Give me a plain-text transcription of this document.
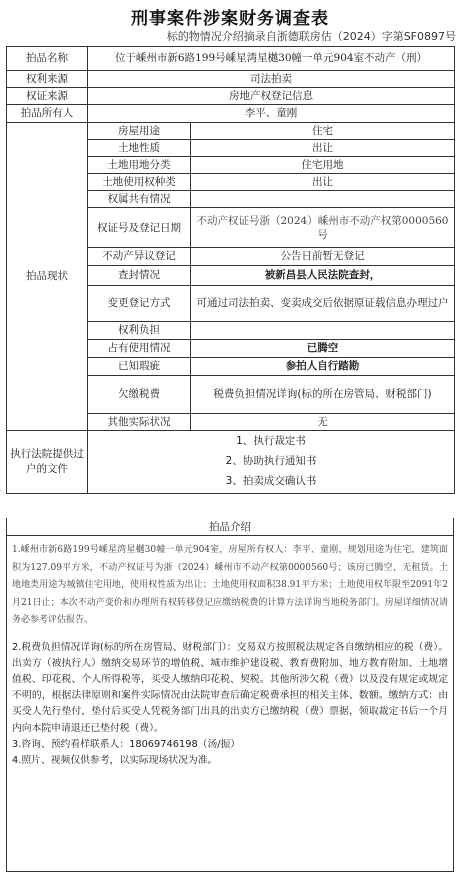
刑事案件涉案财务调查表
标的物情况介绍摘录自浙德联房估（2024）字第SF0897号
拍品名称	位于嵊州市新6路199号嵊星湾星樾30幢一单元904室不动产（刑）	
权利来源	司法拍卖	
权证来源	房地产权登记信息	
拍品所有人	李平、童刚	
拍品现状	房屋用途	住宅
	土地性质	出让
	土地用地分类	住宅用地
	土地使用权种类	出让
	权属共有情况	
	权证号及登记日期	不动产权证号浙（2024）嵊州市不动产权第0000560号
	不动产异议登记	公告日前暂无登记
	查封情况	被新昌县人民法院查封，
	变更登记方式	可通过司法拍卖、变卖成交后依据原证载信息办理过户
	权利负担	
	占有使用情况	已腾空
	已知瑕疵	参拍人自行踏勘
	欠缴税费	税费负担情况详询(标的所在房管局、财税部门)
	其他实际状况	无
执行法院提供过户的文件	1、执行裁定书
2、协助执行通知书
3、拍卖成交确认书	
拍品介绍

1.嵊州市新6路199号嵊星湾星樾30幢一单元904室，房屋所有权人：李平、童刚，规划用途为住宅，建筑面积为127.09平方米，不动产权证号为浙（2024）嵊州市不动产权第0000560号；该房已腾空，无租赁。土地地类用途为城镇住宅用地，使用权性质为出让；土地使用权面积38.91平方米；土地使用权年限至2091年2月21日止；本次不动产变价和办理所有权转移登记应缴纳税费的计算方法详询当地税务部门。房屋详细情况请务必参考评估报告。

2.税费负担情况详询(标的所在房管局、财税部门）：交易双方按照税法规定各自缴纳相应的税（费）。出卖方（被执行人）缴纳交易环节的增值税、城市维护建设税、教育费附加、地方教育附加、土地增值税、印花税、个人所得税等，买受人缴纳印花税、契税。其他所涉欠税（费）以及没有规定或规定不明的，根据法律原则和案件实际情况由法院审查后确定税费承担的相关主体、数额。缴纳方式：由买受人先行垫付，垫付后买受人凭税务部门出具的出卖方已缴纳税（费）票据，领取裁定书后一个月内向本院申请退还已垫付税（费）。

3.咨询、预约看样联系人：18069746198（汤/振）

4.照片、视频仅供参考，以实际现场状况为准。
